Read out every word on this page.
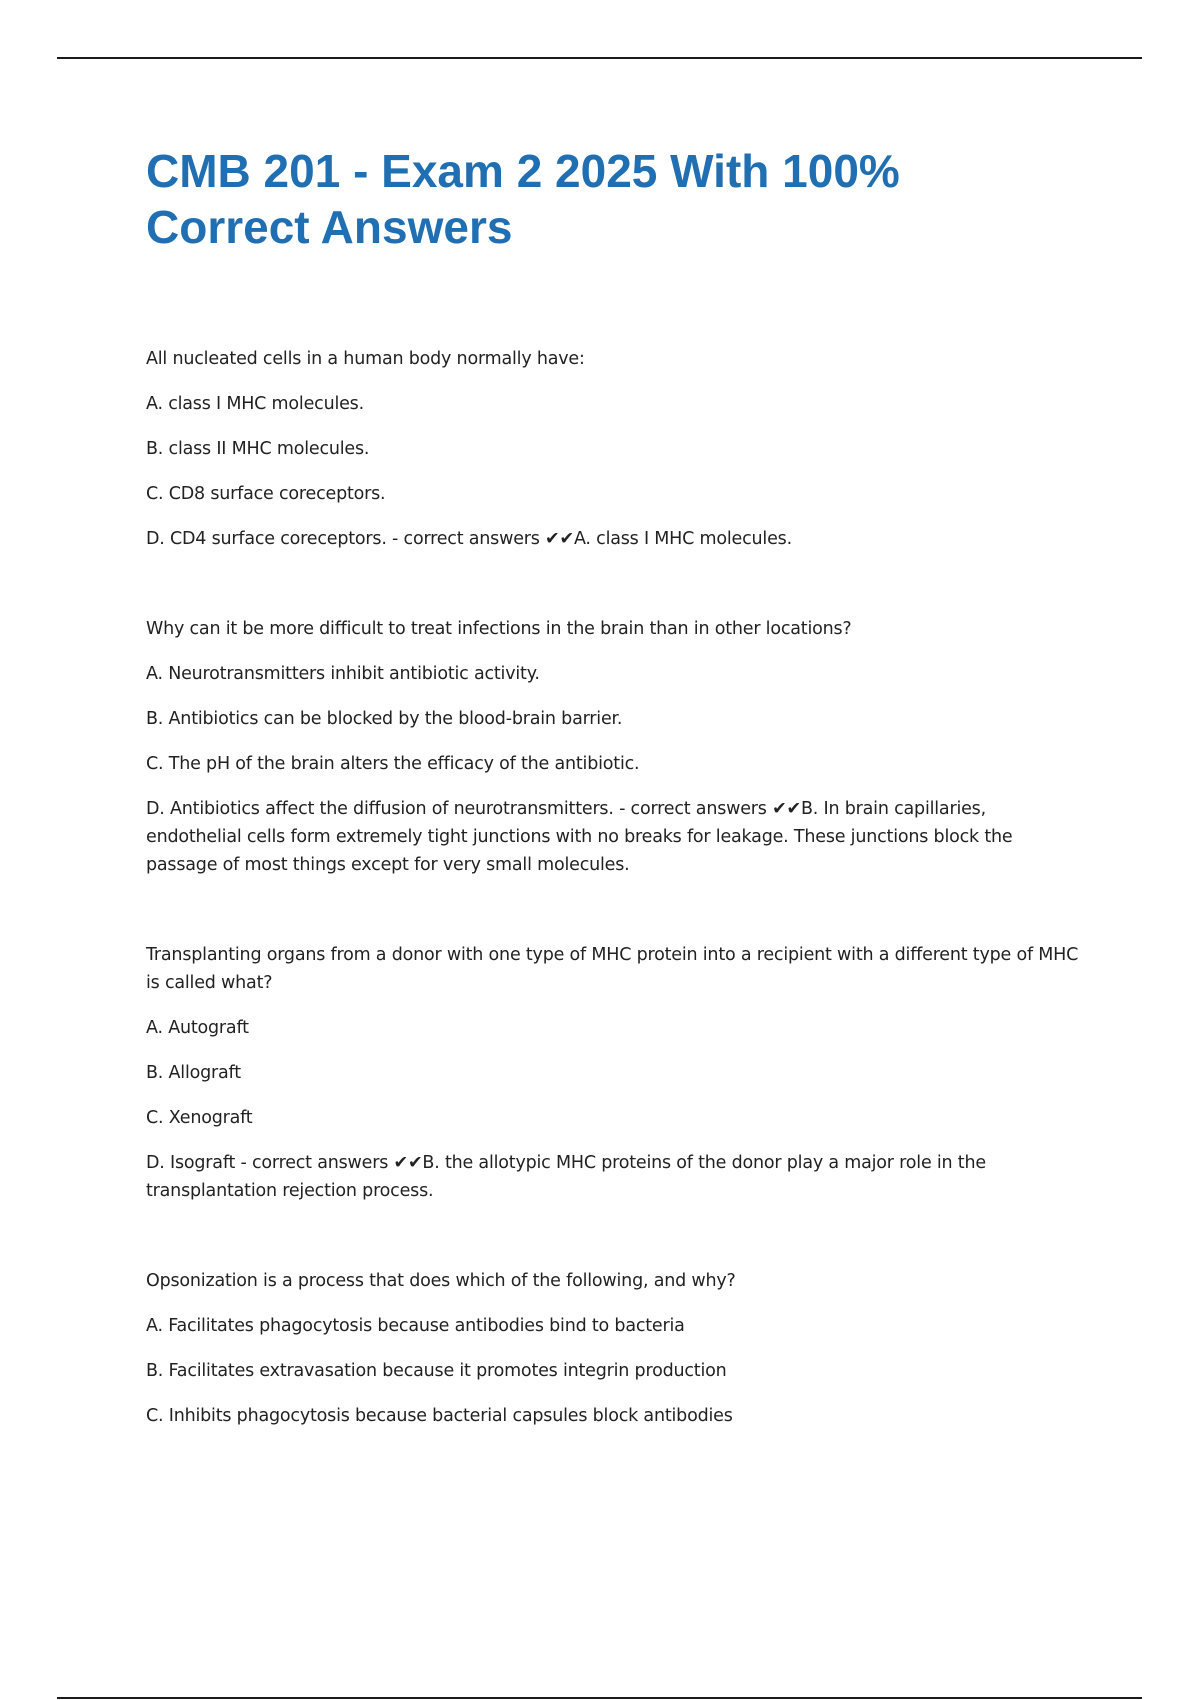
CMB 201 - Exam 2 2025 With 100% Correct Answers

All nucleated cells in a human body normally have:

A. class I MHC molecules.

B. class II MHC molecules.

C. CD8 surface coreceptors.

D. CD4 surface coreceptors. - correct answers ✔✔A. class I MHC molecules.

Why can it be more difficult to treat infections in the brain than in other locations?

A. Neurotransmitters inhibit antibiotic activity.

B. Antibiotics can be blocked by the blood-brain barrier.

C. The pH of the brain alters the efficacy of the antibiotic.

D. Antibiotics affect the diffusion of neurotransmitters. - correct answers ✔✔B. In brain capillaries, endothelial cells form extremely tight junctions with no breaks for leakage. These junctions block the passage of most things except for very small molecules.

Transplanting organs from a donor with one type of MHC protein into a recipient with a different type of MHC is called what?

A. Autograft

B. Allograft

C. Xenograft

D. Isograft - correct answers ✔✔B. the allotypic MHC proteins of the donor play a major role in the transplantation rejection process.

Opsonization is a process that does which of the following, and why?

A. Facilitates phagocytosis because antibodies bind to bacteria

B. Facilitates extravasation because it promotes integrin production

C. Inhibits phagocytosis because bacterial capsules block antibodies
